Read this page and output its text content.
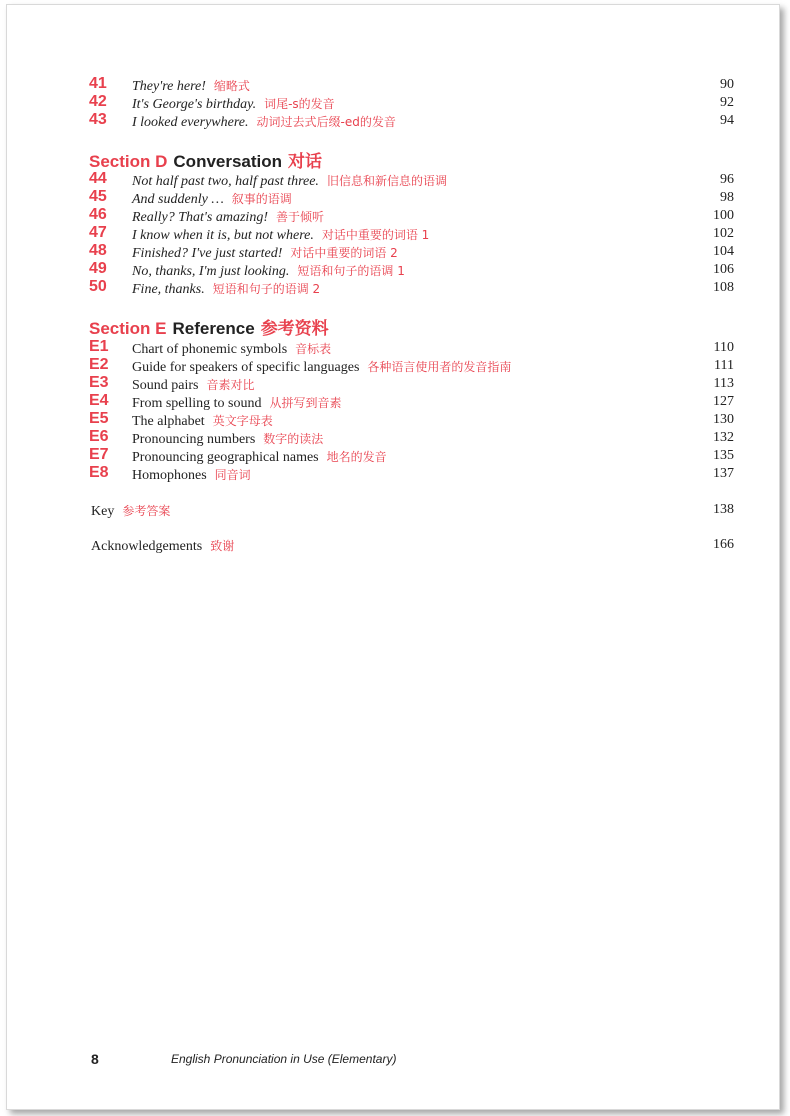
41 They're here! 缩略式	90
42 It's George's birthday. 词尾-s的发音	92
43 I looked everywhere. 动词过去式后缀-ed的发音	94
Section D Conversation 对话
44 Not half past two, half past three. 旧信息和新信息的语调	96
45 And suddenly … 叙事的语调	98
46 Really? That's amazing! 善于倾听	100
47 I know when it is, but not where. 对话中重要的词语 1	102
48 Finished? I've just started! 对话中重要的词语 2	104
49 No, thanks, I'm just looking. 短语和句子的语调 1	106
50 Fine, thanks. 短语和句子的语调 2	108
Section E Reference 参考资料
E1 Chart of phonemic symbols 音标表	110
E2 Guide for speakers of specific languages 各种语言使用者的发音指南	111
E3 Sound pairs 音素对比	113
E4 From spelling to sound 从拼写到音素	127
E5 The alphabet 英文字母表	130
E6 Pronouncing numbers 数字的读法	132
E7 Pronouncing geographical names 地名的发音	135
E8 Homophones 同音词	137
Key 参考答案	138
Acknowledgements 致谢	166
8	English Pronunciation in Use (Elementary)
